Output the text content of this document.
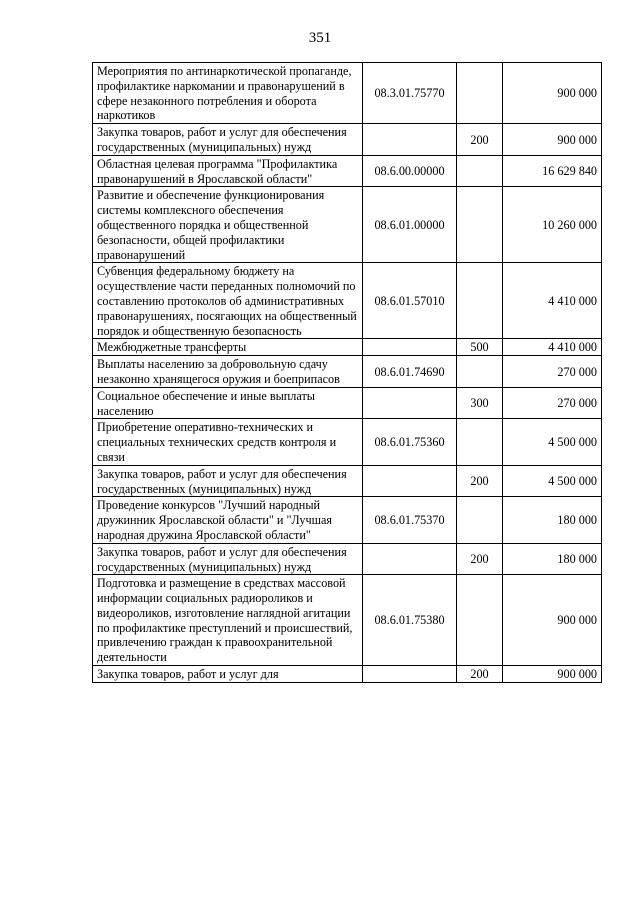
351
Мероприятия по антинаркотической пропаганде, профилактике наркомании и правонарушений в сфере незаконного потребления и оборота наркотиков	08.3.01.75770		900 000
Закупка товаров, работ и услуг для обеспечения государственных (муниципальных) нужд		200	900 000
Областная целевая программа "Профилактика правонарушений в Ярославской области"	08.6.00.00000		16 629 840
Развитие и обеспечение функционирования системы комплексного обеспечения общественного порядка и общественной безопасности, общей профилактики правонарушений	08.6.01.00000		10 260 000
Субвенция федеральному бюджету на осуществление части переданных полномочий по составлению протоколов об административных правонарушениях, посягающих на общественный порядок и общественную безопасность	08.6.01.57010		4 410 000
Межбюджетные трансферты		500	4 410 000
Выплаты населению за добровольную сдачу незаконно хранящегося оружия и боеприпасов	08.6.01.74690		270 000
Социальное обеспечение и иные выплаты населению		300	270 000
Приобретение оперативно-технических и специальных технических средств контроля и связи	08.6.01.75360		4 500 000
Закупка товаров, работ и услуг для обеспечения государственных (муниципальных) нужд		200	4 500 000
Проведение конкурсов "Лучший народный дружинник Ярославской области" и "Лучшая народная дружина Ярославской области"	08.6.01.75370		180 000
Закупка товаров, работ и услуг для обеспечения государственных (муниципальных) нужд		200	180 000
Подготовка и размещение в средствах массовой информации социальных радиороликов и видеороликов, изготовление наглядной агитации по профилактике преступлений и происшествий, привлечению граждан к правоохранительной деятельности	08.6.01.75380		900 000
Закупка товаров, работ и услуг для		200	900 000
